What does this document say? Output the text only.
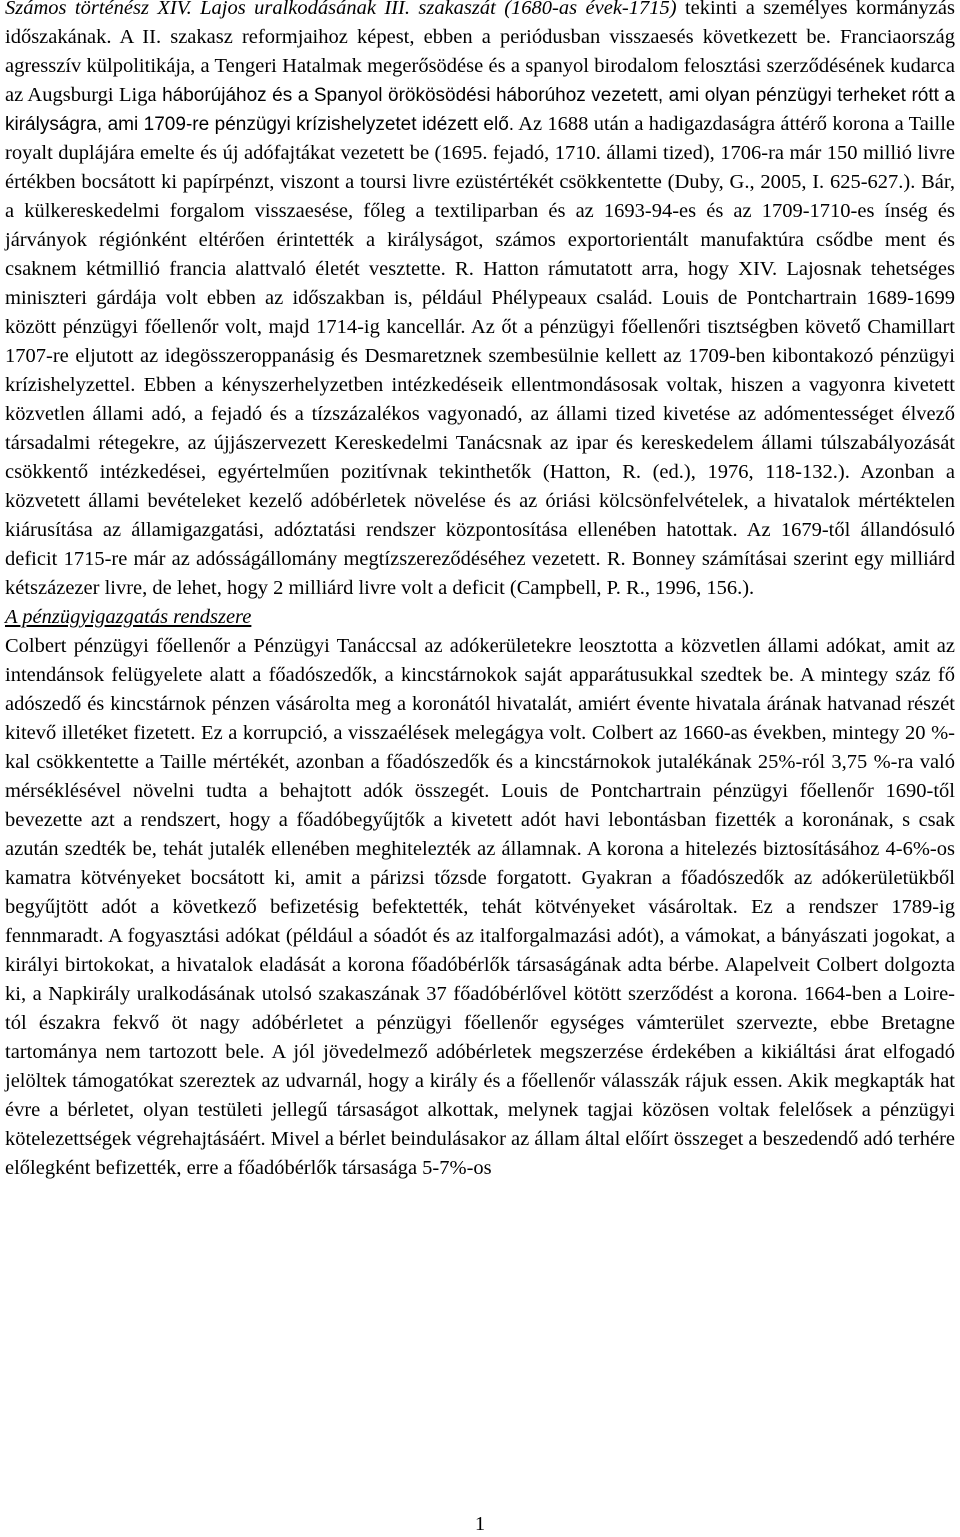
Számos történész XIV. Lajos uralkodásának III. szakaszát (1680-as évek-1715) tekinti a személyes kormányzás időszakának. A II. szakasz reformjaihoz képest, ebben a periódusban visszaesés következett be. Franciaország agresszív külpolitikája, a Tengeri Hatalmak megerősödése és a spanyol birodalom felosztási szerződésének kudarca az Augsburgi Liga háborújához és a Spanyol örökösödési háborúhoz vezetett, ami olyan pénzügyi terheket rótt a királyságra, ami 1709-re pénzügyi krízishelyzetet idézett elő. Az 1688 után a hadigazdaságra áttérő korona a Taille royalt duplájára emelte és új adófajtákat vezetett be (1695. fejadó, 1710. állami tized), 1706-ra már 150 millió livre értékben bocsátott ki papírpénzt, viszont a toursi livre ezüstértékét csökkentette (Duby, G., 2005, I. 625-627.). Bár, a külkereskedelmi forgalom visszaesése, főleg a textiliparban és az 1693-94-es és az 1709-1710-es ínség és járványok régiónként eltérően érintették a királyságot, számos exportorientált manufaktúra csődbe ment és csaknem kétmillió francia alattvaló életét vesztette. R. Hatton rámutatott arra, hogy XIV. Lajosnak tehetséges miniszteri gárdája volt ebben az időszakban is, például Phélypeaux család. Louis de Pontchartrain 1689-1699 között pénzügyi főellenőr volt, majd 1714-ig kancellár. Az őt a pénzügyi főellenőri tisztségben követő Chamillart 1707-re eljutott az idegösszeroppanásig és Desmaretznek szembesülnie kellett az 1709-ben kibontakozó pénzügyi krízishelyzettel. Ebben a kényszerhelyzetben intézkedéseik ellentmondásosak voltak, hiszen a vagyonra kivetett közvetlen állami adó, a fejadó és a tízszázalékos vagyonadó, az állami tized kivetése az adómentességet élvező társadalmi rétegekre, az újjászervezett Kereskedelmi Tanácsnak az ipar és kereskedelem állami túlszabályozását csökkentő intézkedései, egyértelműen pozitívnak tekinthetők (Hatton, R. (ed.), 1976, 118-132.). Azonban a közvetett állami bevételeket kezelő adóbérletek növelése és az óriási kölcsönfelvételek, a hivatalok mértéktelen kiárusítása az államigazgatási, adóztatási rendszer központosítása ellenében hatottak. Az 1679-től állandósuló deficit 1715-re már az adósságállomány megtízszereződéséhez vezetett. R. Bonney számításai szerint egy milliárd kétszázezer livre, de lehet, hogy 2 milliárd livre volt a deficit (Campbell, P. R., 1996, 156.).

A pénzügyigazgatás rendszere

Colbert pénzügyi főellenőr a Pénzügyi Tanáccsal az adókerületekre leosztotta a közvetlen állami adókat, amit az intendánsok felügyelete alatt a főadószedők, a kincstárnokok saját apparátusukkal szedtek be. A mintegy száz fő adószedő és kincstárnok pénzen vásárolta meg a koronától hivatalát, amiért évente hivatala árának hatvanad részét kitevő illetéket fizetett. Ez a korrupció, a visszaélések melegágya volt. Colbert az 1660-as években, mintegy 20 %-kal csökkentette a Taille mértékét, azonban a főadószedők és a kincstárnokok jutalékának 25%-ról 3,75 %-ra való mérséklésével növelni tudta a behajtott adók összegét. Louis de Pontchartrain pénzügyi főellenőr 1690-től bevezette azt a rendszert, hogy a főadóbegyűjtők a kivetett adót havi lebontásban fizették a koronának, s csak azután szedték be, tehát jutalék ellenében meghitelezték az államnak. A korona a hitelezés biztosításához 4-6%-os kamatra kötvényeket bocsátott ki, amit a párizsi tőzsde forgatott. Gyakran a főadószedők az adókerületükből begyűjtött adót a következő befizetésig befektették, tehát kötvényeket vásároltak. Ez a rendszer 1789-ig fennmaradt. A fogyasztási adókat (például a sóadót és az italforgalmazási adót), a vámokat, a bányászati jogokat, a királyi birtokokat, a hivatalok eladását a korona főadóbérlők társaságának adta bérbe. Alapelveit Colbert dolgozta ki, a Napkirály uralkodásának utolsó szakaszának 37 főadóbérlővel kötött szerződést a korona. 1664-ben a Loire-tól északra fekvő öt nagy adóbérletet a pénzügyi főellenőr egységes vámterület szervezte, ebbe Bretagne tartománya nem tartozott bele. A jól jövedelmező adóbérletek megszerzése érdekében a kikiáltási árat elfogadó jelöltek támogatókat szereztek az udvarnál, hogy a király és a főellenőr válasszák rájuk essen. Akik megkapták hat évre a bérletet, olyan testületi jellegű társaságot alkottak, melynek tagjai közösen voltak felelősek a pénzügyi kötelezettségek végrehajtásáért. Mivel a bérlet beindulásakor az állam által előírt összeget a beszedendő adó terhére előlegként befizették, erre a főadóbérlők társasága 5-7%-os

1
